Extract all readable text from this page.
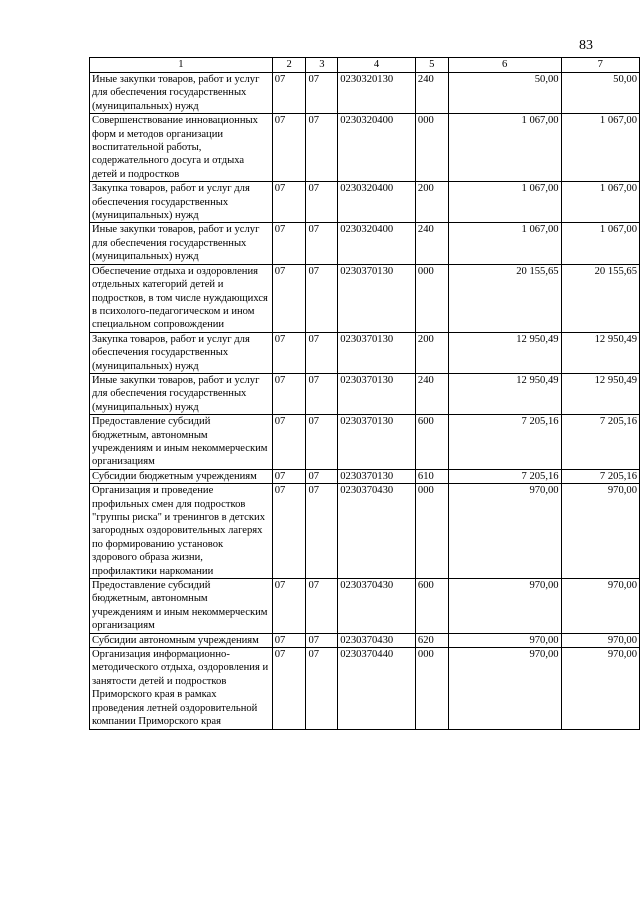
83
1	2	3	4	5	6	7
Иные закупки товаров, работ и услуг для обеспечения государственных (муниципальных) нужд	07	07	0230320130	240	50,00	50,00
Совершенствование инновационных форм и методов организации воспитательной работы, содержательного досуга и отдыха детей и подростков	07	07	0230320400	000	1 067,00	1 067,00
Закупка товаров, работ и услуг для обеспечения государственных (муниципальных) нужд	07	07	0230320400	200	1 067,00	1 067,00
Иные закупки товаров, работ и услуг для обеспечения государственных (муниципальных) нужд	07	07	0230320400	240	1 067,00	1 067,00
Обеспечение отдыха и оздоровления отдельных категорий детей и подростков, в том числе нуждающихся в психолого-педагогическом и ином специальном сопровождении	07	07	0230370130	000	20 155,65	20 155,65
Закупка товаров, работ и услуг для обеспечения государственных (муниципальных) нужд	07	07	0230370130	200	12 950,49	12 950,49
Иные закупки товаров, работ и услуг для обеспечения государственных (муниципальных) нужд	07	07	0230370130	240	12 950,49	12 950,49
Предоставление субсидий бюджетным, автономным учреждениям и иным некоммерческим организациям	07	07	0230370130	600	7 205,16	7 205,16
Субсидии бюджетным учреждениям	07	07	0230370130	610	7 205,16	7 205,16
Организация и проведение профильных смен для подростков "группы риска" и тренингов в детских загородных оздоровительных лагерях по формированию установок здорового образа жизни, профилактики наркомании	07	07	0230370430	000	970,00	970,00
Предоставление субсидий бюджетным, автономным учреждениям и иным некоммерческим организациям	07	07	0230370430	600	970,00	970,00
Субсидии автономным учреждениям	07	07	0230370430	620	970,00	970,00
Организация информационно-методического отдыха, оздоровления и занятости детей и подростков Приморского края в рамках проведения летней оздоровительной компании Приморского края	07	07	0230370440	000	970,00	970,00
